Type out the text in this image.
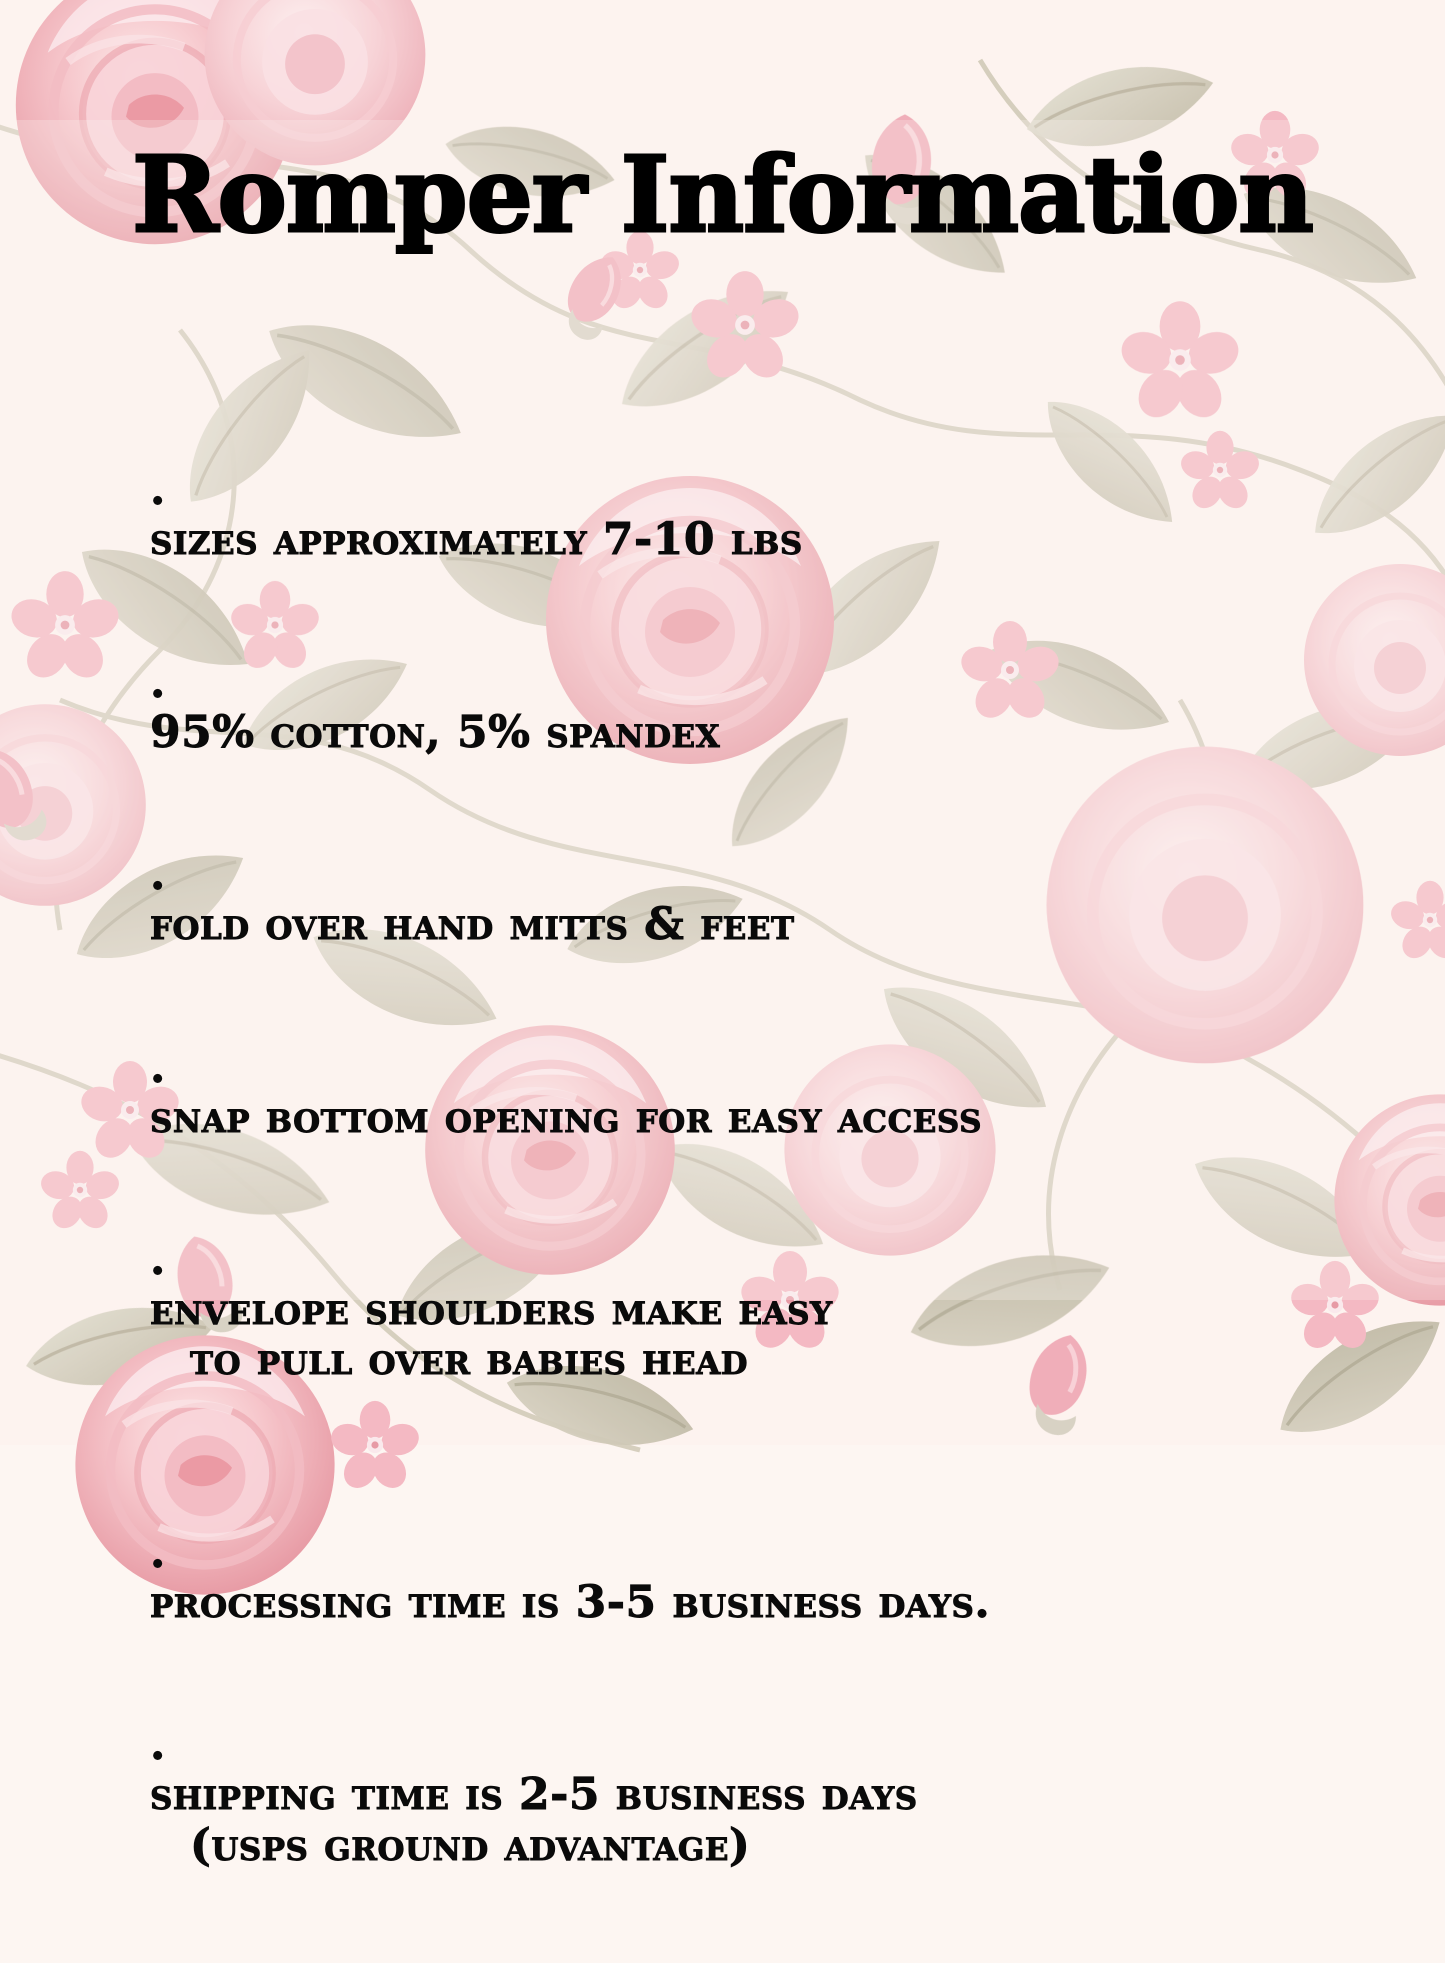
Romper Information

.
sizes approximately 7-10 lbs

.
95% cotton, 5% spandex

.
fold over hand mitts & feet

.
snap bottom opening for easy access

.
envelope shoulders make easy

to pull over babies head

.
processing time is 3-5 business days.

.
shipping time is 2-5 business days

(usps ground advantage)
